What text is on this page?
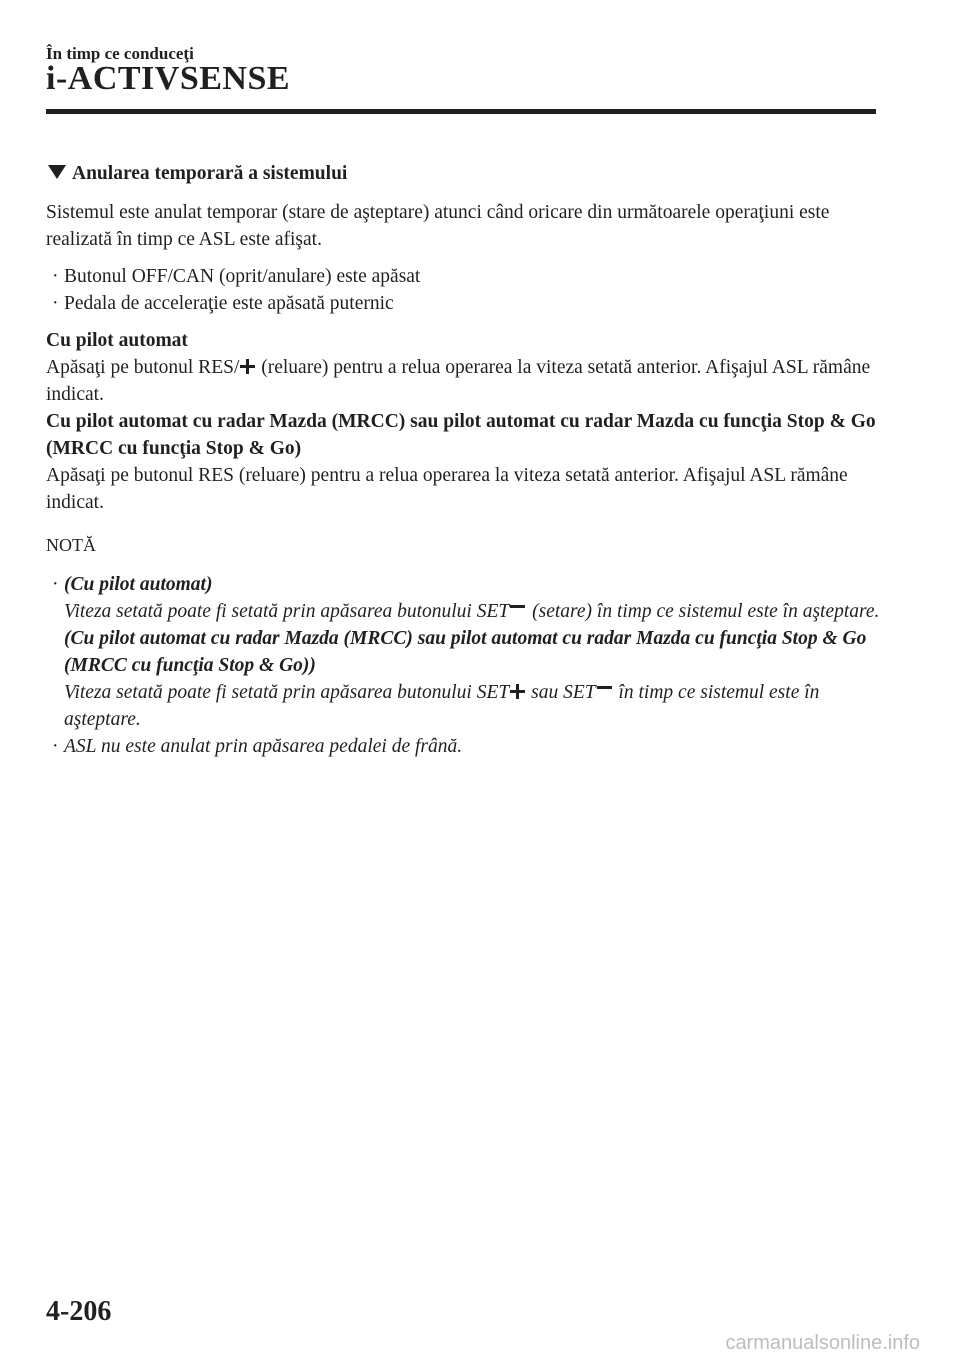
În timp ce conduceţi
i-ACTIVSENSE
Anularea temporară a sistemului

Sistemul este anulat temporar (stare de aşteptare) atunci când oricare din următoarele operaţiuni este realizată în timp ce ASL este afişat.

· Butonul OFF/CAN (oprit/anulare) este apăsat
· Pedala de acceleraţie este apăsată puternic

Cu pilot automat

Apăsaţi pe butonul RES/ (reluare) pentru a relua operarea la viteza setată anterior. Afişajul ASL rămâne indicat.

Cu pilot automat cu radar Mazda (MRCC) sau pilot automat cu radar Mazda cu funcţia Stop & Go (MRCC cu funcţia Stop & Go)

Apăsaţi pe butonul RES (reluare) pentru a relua operarea la viteza setată anterior. Afişajul ASL rămâne indicat.

NOTĂ
· (Cu pilot automat)
Viteza setată poate fi setată prin apăsarea butonului SET (setare) în timp ce sistemul este în aşteptare.
(Cu pilot automat cu radar Mazda (MRCC) sau pilot automat cu radar Mazda cu funcţia Stop & Go (MRCC cu funcţia Stop & Go))
Viteza setată poate fi setată prin apăsarea butonului SET sau SET în timp ce sistemul este în aşteptare.
· ASL nu este anulat prin apăsarea pedalei de frână.
4-206
carmanualsonline.info
